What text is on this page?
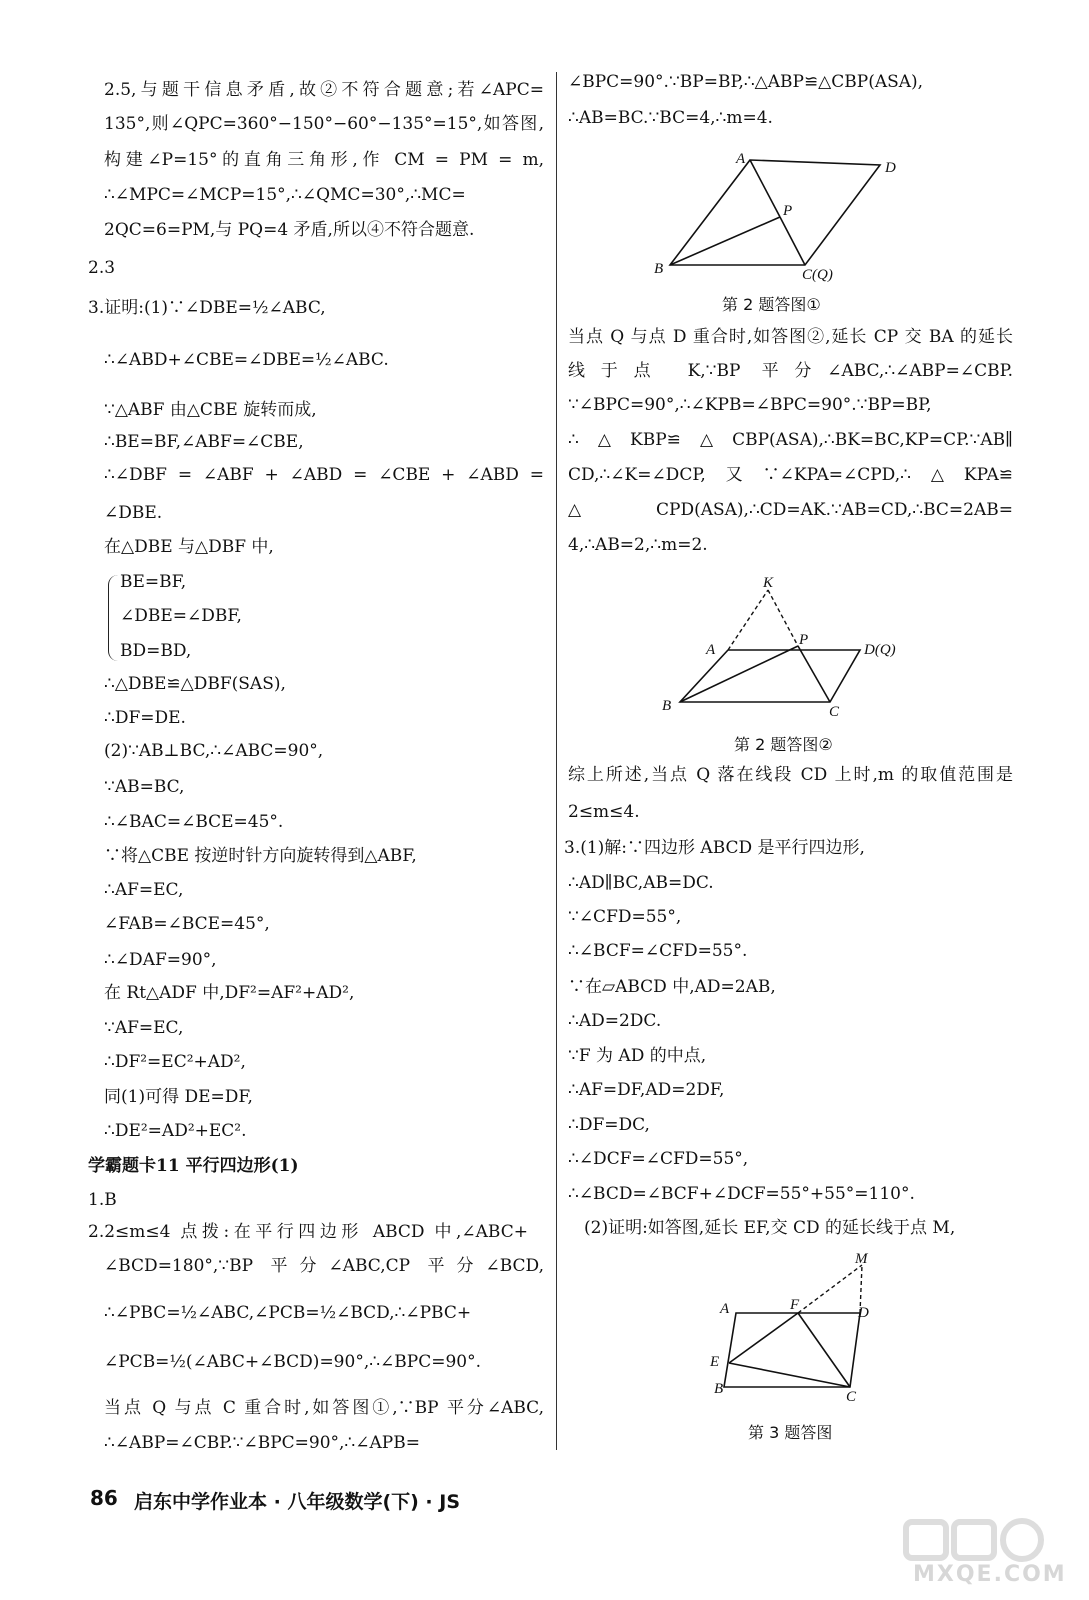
2.5,与题干信息矛盾,故②不符合题意;若∠APC=
135°,则∠QPC=360°−150°−60°−135°=15°,如答图,
构建∠P=15°的直角三角形,作 CM = PM = m,
∴∠MPC=∠MCP=15°,∴∠QMC=30°,∴MC=
2QC=6=PM,与 PQ=4 矛盾,所以④不符合题意.
2.3
3.证明:(1)∵∠DBE=½∠ABC,
∴∠ABD+∠CBE=∠DBE=½∠ABC.
∵△ABF 由△CBE 旋转而成,
∴BE=BF,∠ABF=∠CBE,
∴∠DBF = ∠ABF + ∠ABD = ∠CBE + ∠ABD =
∠DBE.
在△DBE 与△DBF 中,
BE=BF,
∠DBE=∠DBF,
BD=BD,
∴△DBE≌△DBF(SAS),
∴DF=DE.
(2)∵AB⊥BC,∴∠ABC=90°,
∵AB=BC,
∴∠BAC=∠BCE=45°.
∵将△CBE 按逆时针方向旋转得到△ABF,
∴AF=EC,
∠FAB=∠BCE=45°,
∴∠DAF=90°,
在 Rt△ADF 中,DF²=AF²+AD²,
∵AF=EC,
∴DF²=EC²+AD²,
同(1)可得 DE=DF,
∴DE²=AD²+EC².
学霸题卡11 平行四边形(1)
1.B
2.2≤m≤4 点拨:在平行四边形 ABCD 中,∠ABC+
∠BCD=180°,∵BP 平分∠ABC,CP 平分∠BCD,
∴∠PBC=½∠ABC,∠PCB=½∠BCD,∴∠PBC+
∠PCB=½(∠ABC+∠BCD)=90°,∴∠BPC=90°.
当点 Q 与点 C 重合时,如答图①,∵BP 平分∠ABC,
∴∠ABP=∠CBP.∵∠BPC=90°,∴∠APB=
∠BPC=90°.∵BP=BP,∴△ABP≌△CBP(ASA),
∴AB=BC.∵BC=4,∴m=4.
当点 Q 与点 D 重合时,如答图②,延长 CP 交 BA 的延长
线于点 K,∵BP 平分∠ABC,∴∠ABP=∠CBP.
∵∠BPC=90°,∴∠KPB=∠BPC=90°.∵BP=BP,
∴△KBP≌△CBP(ASA),∴BK=BC,KP=CP.∵AB∥
CD,∴∠K=∠DCP,又∵∠KPA=∠CPD,∴△KPA≌
△CPD(ASA),∴CD=AK.∵AB=CD,∴BC=2AB=
4,∴AB=2,∴m=2.
综上所述,当点 Q 落在线段 CD 上时,m 的取值范围是
2≤m≤4.
3.(1)解:∵四边形 ABCD 是平行四边形,
∴AD∥BC,AB=DC.
∵∠CFD=55°,
∴∠BCF=∠CFD=55°.
∵在▱ABCD 中,AD=2AB,
∴AD=2DC.
∵F 为 AD 的中点,
∴AF=DF,AD=2DF,
∴DF=DC,
∴∠DCF=∠CFD=55°,
∴∠BCD=∠BCF+∠DCF=55°+55°=110°.
(2)证明:如答图,延长 EF,交 CD 的延长线于点 M,
A
D
P
B	C(Q)
第 2 题答图①
K
A
P
D(Q)
B	C
第 2 题答图②
M
A	F	D
E
B	C
第 3 题答图
86 启东中学作业本 · 八年级数学(下) · JS
MXQE.COM
